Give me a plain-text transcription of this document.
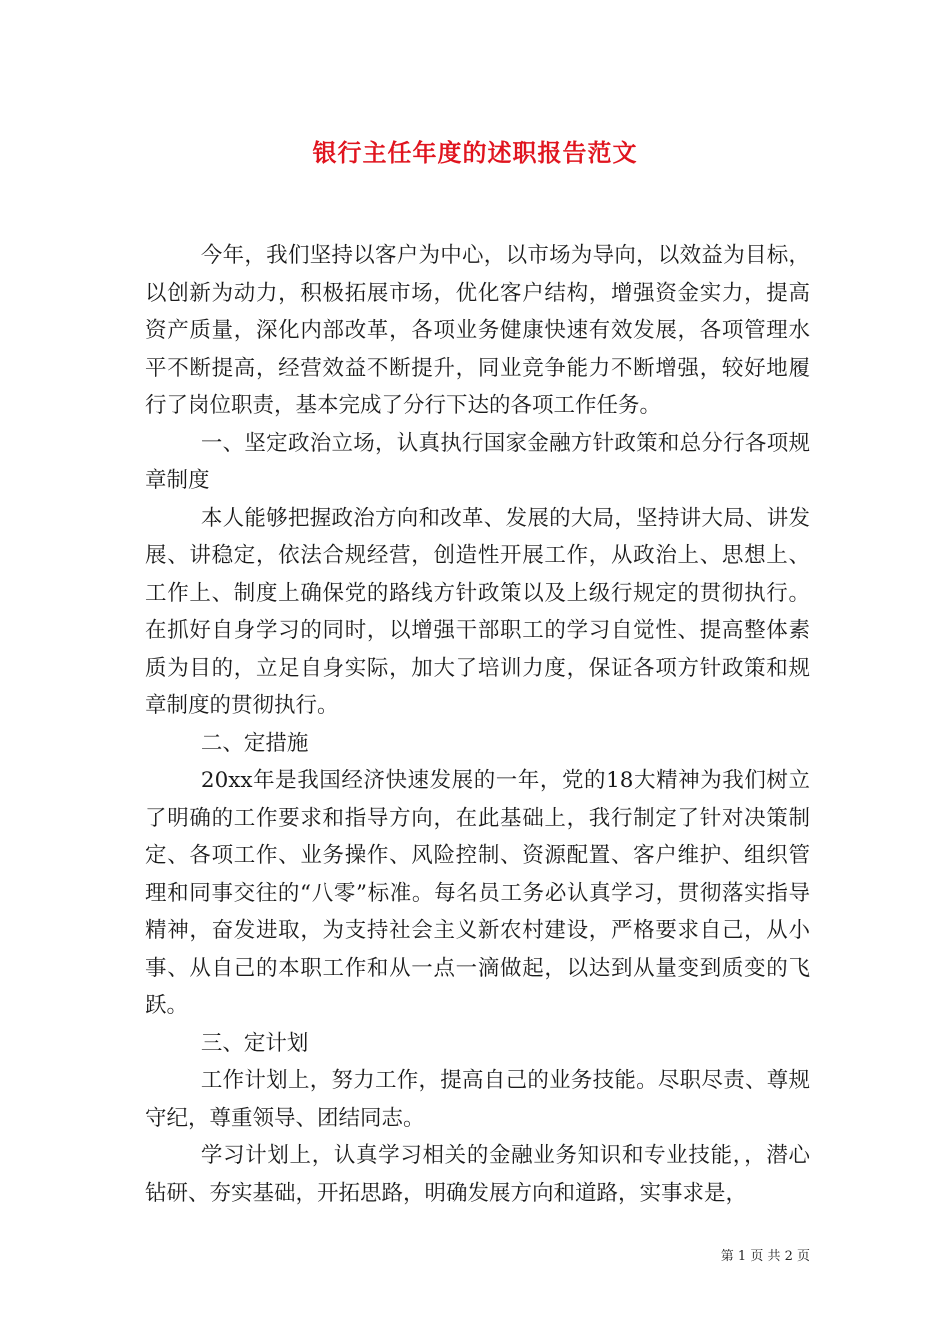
银行主任年度的述职报告范文

今年，我们坚持以客户为中心，以市场为导向，以效益为目标，以创新为动力，积极拓展市场，优化客户结构，增强资金实力，提高资产质量，深化内部改革，各项业务健康快速有效发展，各项管理水平不断提高，经营效益不断提升，同业竞争能力不断增强，较好地履行了岗位职责，基本完成了分行下达的各项工作任务。

一、坚定政治立场，认真执行国家金融方针政策和总分行各项规章制度

本人能够把握政治方向和改革、发展的大局，坚持讲大局、讲发展、讲稳定，依法合规经营，创造性开展工作，从政治上、思想上、工作上、制度上确保党的路线方针政策以及上级行规定的贯彻执行。在抓好自身学习的同时，以增强干部职工的学习自觉性、提高整体素质为目的，立足自身实际，加大了培训力度，保证各项方针政策和规章制度的贯彻执行。

二、定措施

20xx年是我国经济快速发展的一年，党的18大精神为我们树立了明确的工作要求和指导方向，在此基础上，我行制定了针对决策制定、各项工作、业务操作、风险控制、资源配置、客户维护、组织管理和同事交往的“八零”标准。每名员工务必认真学习，贯彻落实指导精神，奋发进取，为支持社会主义新农村建设，严格要求自己，从小事、从自己的本职工作和从一点一滴做起，以达到从量变到质变的飞跃。

三、定计划

工作计划上，努力工作，提高自己的业务技能。尽职尽责、尊规守纪，尊重领导、团结同志。

学习计划上，认真学习相关的金融业务知识和专业技能，，潜心钻研、夯实基础，开拓思路，明确发展方向和道路，实事求是，

第 1 页 共 2 页
